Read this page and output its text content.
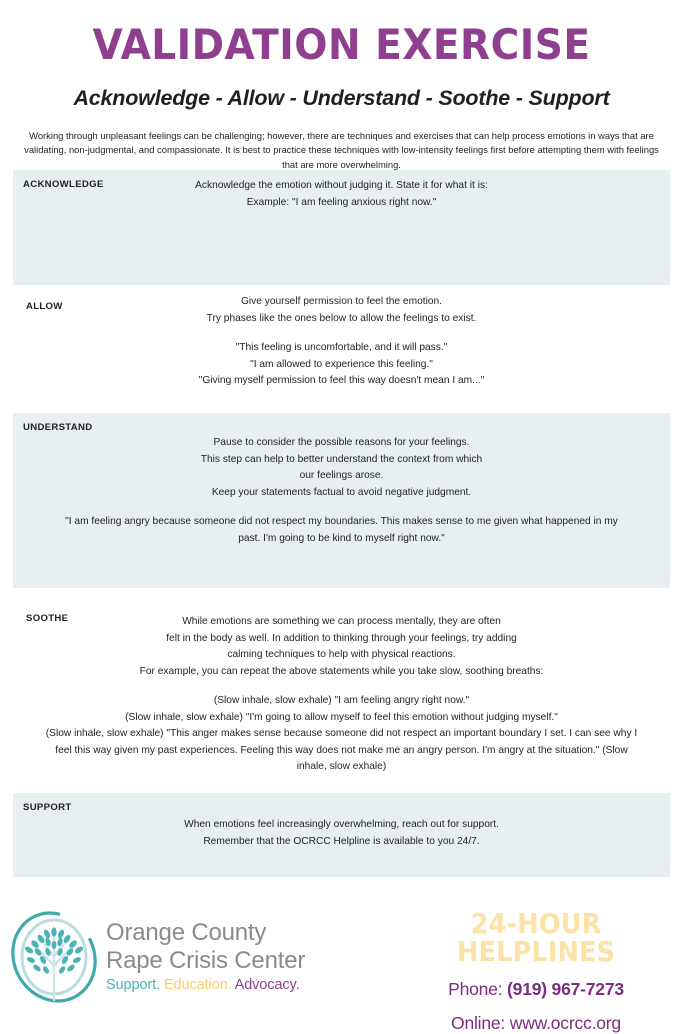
VALIDATION EXERCISE
Acknowledge - Allow - Understand - Soothe - Support

Working through unpleasant feelings can be challenging; however, there are techniques and exercises that can help process emotions in ways that are validating, non-judgmental, and compassionate. It is best to practice these techniques with low-intensity feelings first before attempting them with feelings that are more overwhelming.

ACKNOWLEDGE	Acknowledge the emotion without judging it. State it for what it is:

Example: "I am feeling anxious right now."

ALLOW	Give yourself permission to feel the emotion.

Try phases like the ones below to allow the feelings to exist.

"This feeling is uncomfortable, and it will pass."

"I am allowed to experience this feeling."

"Giving myself permission to feel this way doesn't mean I am..."

UNDERSTAND

Pause to consider the possible reasons for your feelings.

This step can help to better understand the context from which

our feelings arose.

Keep your statements factual to avoid negative judgment.

"I am feeling angry because someone did not respect my boundaries. This makes sense to me given what happened in my past. I'm going to be kind to myself right now."

SOOTHE	While emotions are something we can process mentally, they are often

felt in the body as well. In addition to thinking through your feelings, try adding

calming techniques to help with physical reactions.

For example, you can repeat the above statements while you take slow, soothing breaths:

(Slow inhale, slow exhale) "I am feeling angry right now."

(Slow inhale, slow exhale) "I'm going to allow myself to feel this emotion without judging myself."

(Slow inhale, slow exhale) "This anger makes sense because someone did not respect an important boundary I set. I can see why I feel this way given my past experiences. Feeling this way does not make me an angry person. I'm angry at the situation." (Slow inhale, slow exhale)

SUPPORT

When emotions feel increasingly overwhelming, reach out for support.

Remember that the OCRCC Helpline is available to you 24/7.

Orange County
Rape Crisis Center
Support. Education. Advocacy.
24-HOUR HELPLINES
Phone: (919) 967-7273
Online: www.ocrcc.org
